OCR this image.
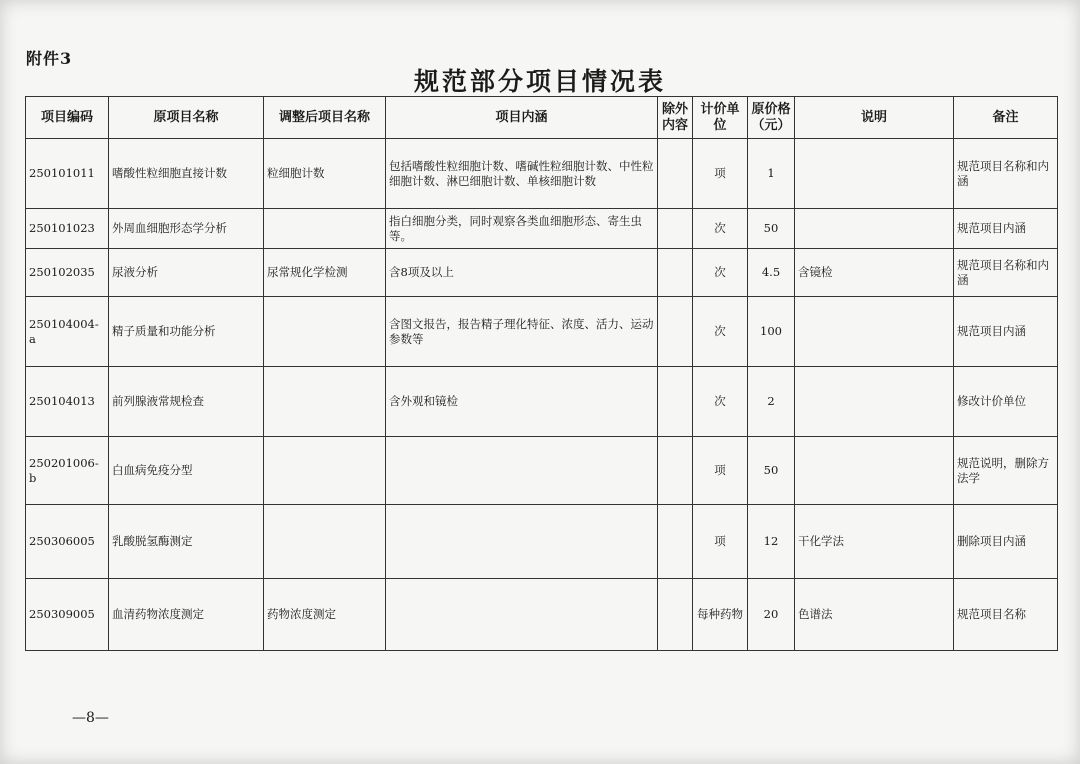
附件3
规范部分项目情况表
项目编码	原项目名称	调整后项目名称	项目内涵	除外内容	计价单位	原价格（元）	说明	备注
250101011	嗜酸性粒细胞直接计数	粒细胞计数	包括嗜酸性粒细胞计数、嗜碱性粒细胞计数、中性粒细胞计数、淋巴细胞计数、单核细胞计数		项	1		规范项目名称和内涵
250101023	外周血细胞形态学分析		指白细胞分类，同时观察各类血细胞形态、寄生虫等。		次	50		规范项目内涵
250102035	尿液分析	尿常规化学检测	含8项及以上		次	4.5	含镜检	规范项目名称和内涵
250104004-a	精子质量和功能分析		含图文报告，报告精子理化特征、浓度、活力、运动参数等		次	100		规范项目内涵
250104013	前列腺液常规检查		含外观和镜检		次	2		修改计价单位
250201006-b	白血病免疫分型				项	50		规范说明，删除方法学
250306005	乳酸脱氢酶测定				项	12	干化学法	删除项目内涵
250309005	血清药物浓度测定	药物浓度测定			每种药物	20	色谱法	规范项目名称
—8—
